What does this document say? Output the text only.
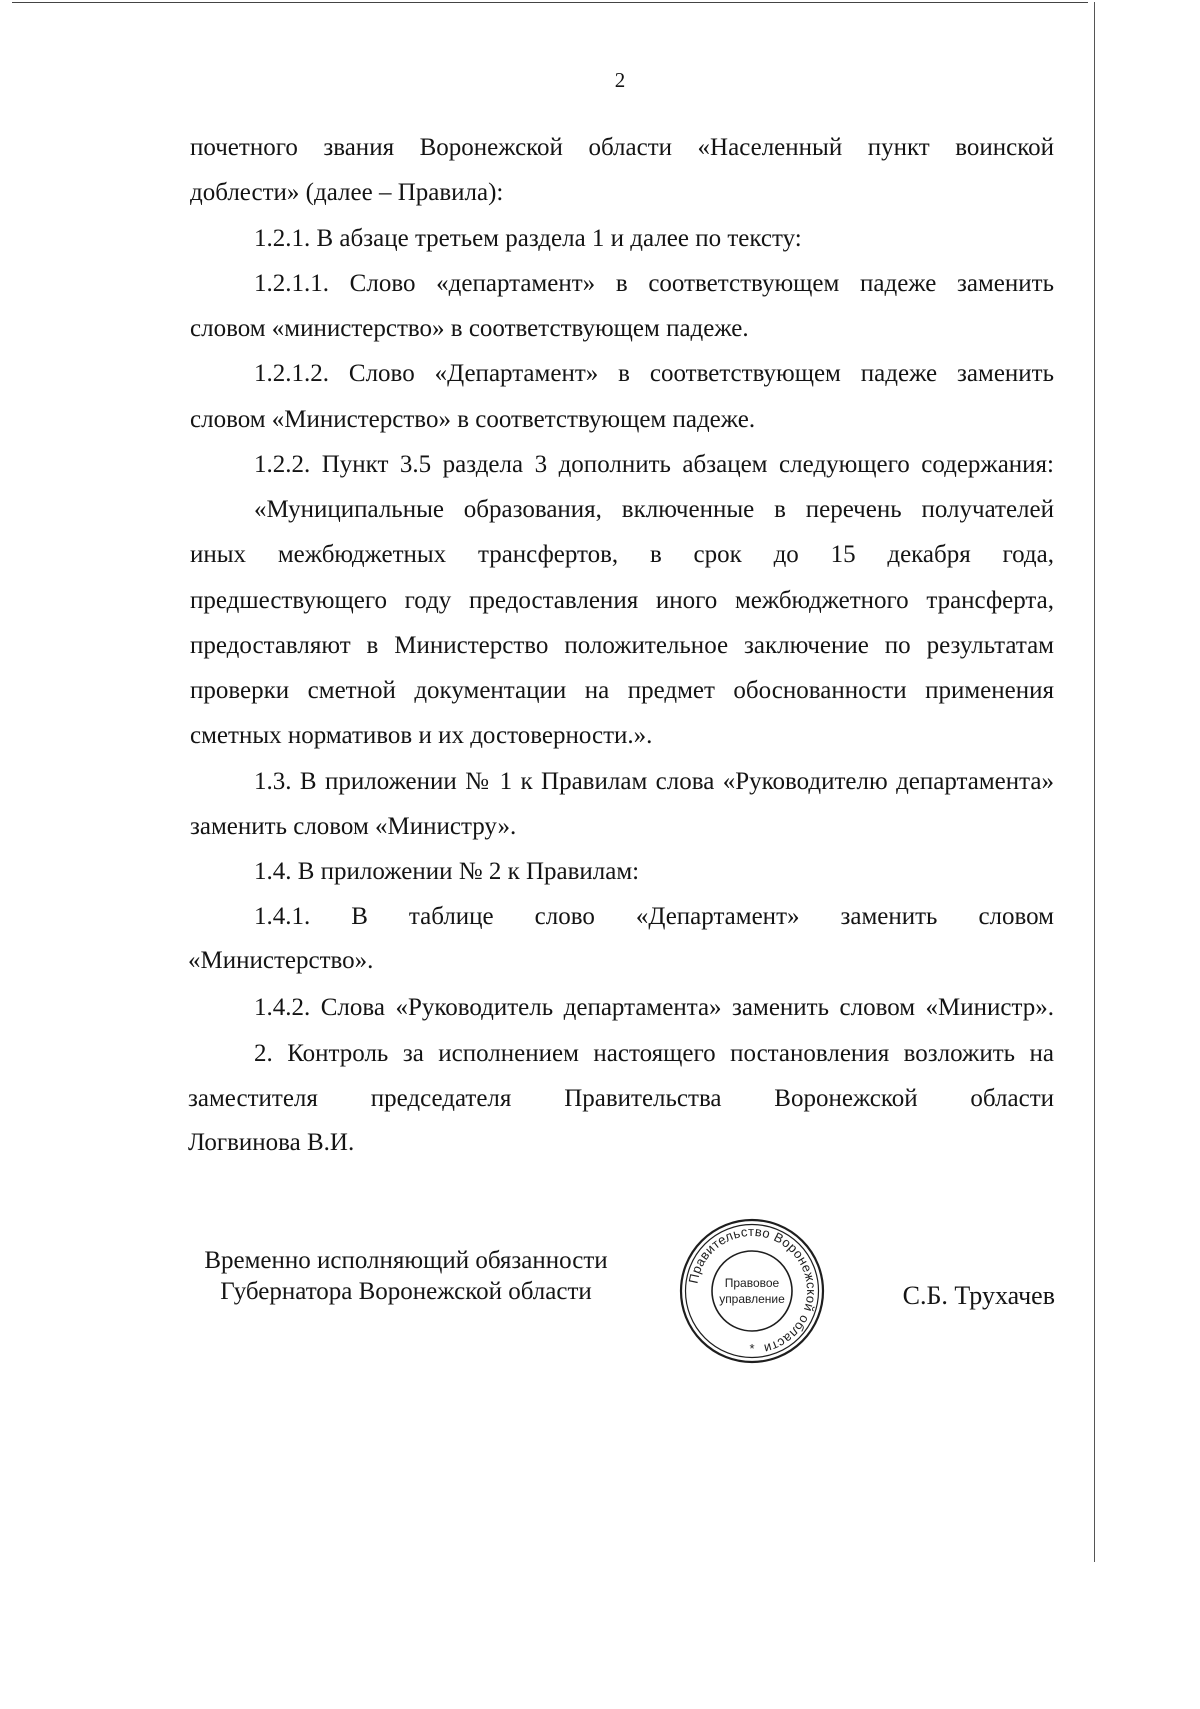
2
почетного звания Воронежской области «Населенный пункт воинской
доблести» (далее – Правила):
1.2.1. В абзаце третьем раздела 1 и далее по тексту:
1.2.1.1. Слово «департамент» в соответствующем падеже заменить
словом «министерство» в соответствующем падеже.
1.2.1.2. Слово «Департамент» в соответствующем падеже заменить
словом «Министерство» в соответствующем падеже.
1.2.2. Пункт 3.5 раздела 3 дополнить абзацем следующего содержания:
«Муниципальные образования, включенные в перечень получателей
иных межбюджетных трансфертов, в срок до 15 декабря года,
предшествующего году предоставления иного межбюджетного трансферта,
предоставляют в Министерство положительное заключение по результатам
проверки сметной документации на предмет обоснованности применения
сметных нормативов и их достоверности.».
1.3. В приложении № 1 к Правилам слова «Руководителю департамента»
заменить словом «Министру».
1.4. В приложении № 2 к Правилам:
1.4.1. В таблице слово «Департамент» заменить словом
«Министерство».
1.4.2. Слова «Руководитель департамента» заменить словом «Министр».
2. Контроль за исполнением настоящего постановления возложить на
заместителя председателя Правительства Воронежской области
Логвинова В.И.
Временно исполняющий обязанности
Губернатора Воронежской области	С.Б. Трухачев
Правительство Воронежской области
Правовое
управление
*
